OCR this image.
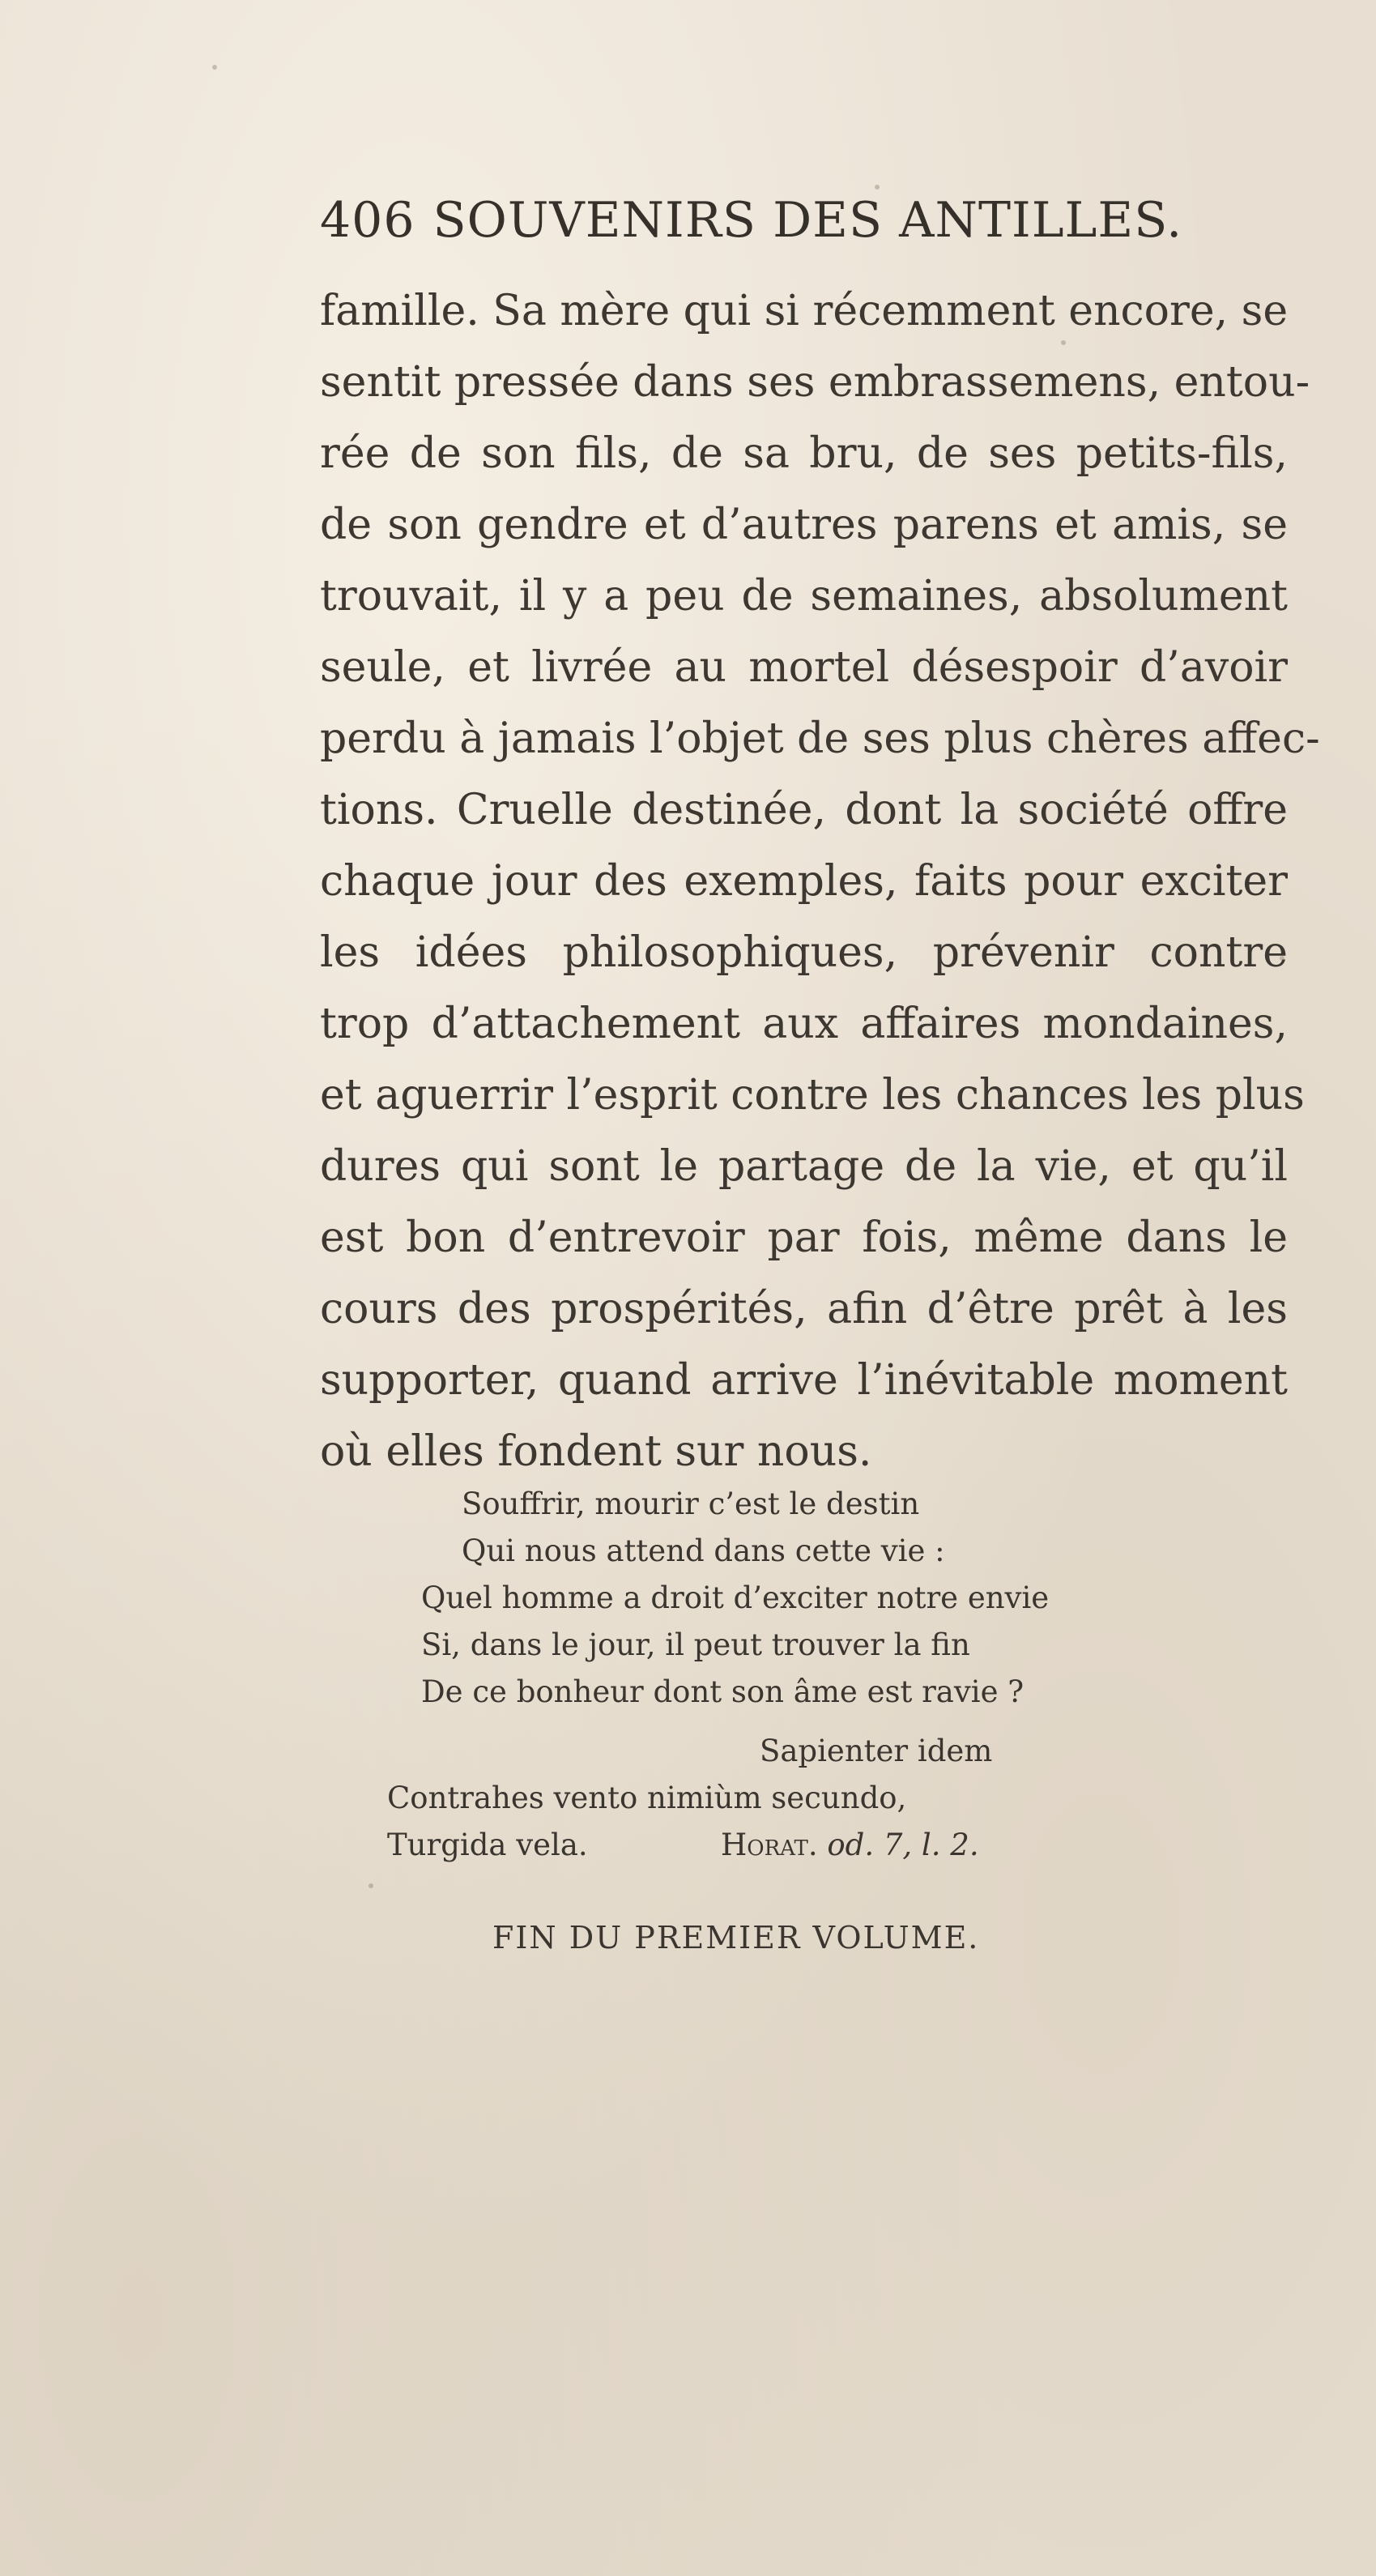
406 SOUVENIRS DES ANTILLES.
famille. Sa mère qui si récemment encore, se
sentit pressée dans ses embrassemens, entou-
rée de son fils, de sa bru, de ses petits-fils,
de son gendre et d’autres parens et amis, se
trouvait, il y a peu de semaines, absolument
seule, et livrée au mortel désespoir d’avoir
perdu à jamais l’objet de ses plus chères affec-
tions. Cruelle destinée, dont la société offre
chaque jour des exemples, faits pour exciter
les idées philosophiques, prévenir contre
trop d’attachement aux affaires mondaines,
et aguerrir l’esprit contre les chances les plus
dures qui sont le partage de la vie, et qu’il
est bon d’entrevoir par fois, même dans le
cours des prospérités, afin d’être prêt à les
supporter, quand arrive l’inévitable moment
où elles fondent sur nous.
Souffrir, mourir c’est le destin
Qui nous attend dans cette vie :
Quel homme a droit d’exciter notre envie
Si, dans le jour, il peut trouver la fin
De ce bonheur dont son âme est ravie ?
Sapienter idem
Contrahes vento nimiùm secundo,
Turgida vela.	Horat. od. 7, l. 2.
FIN DU PREMIER VOLUME.
